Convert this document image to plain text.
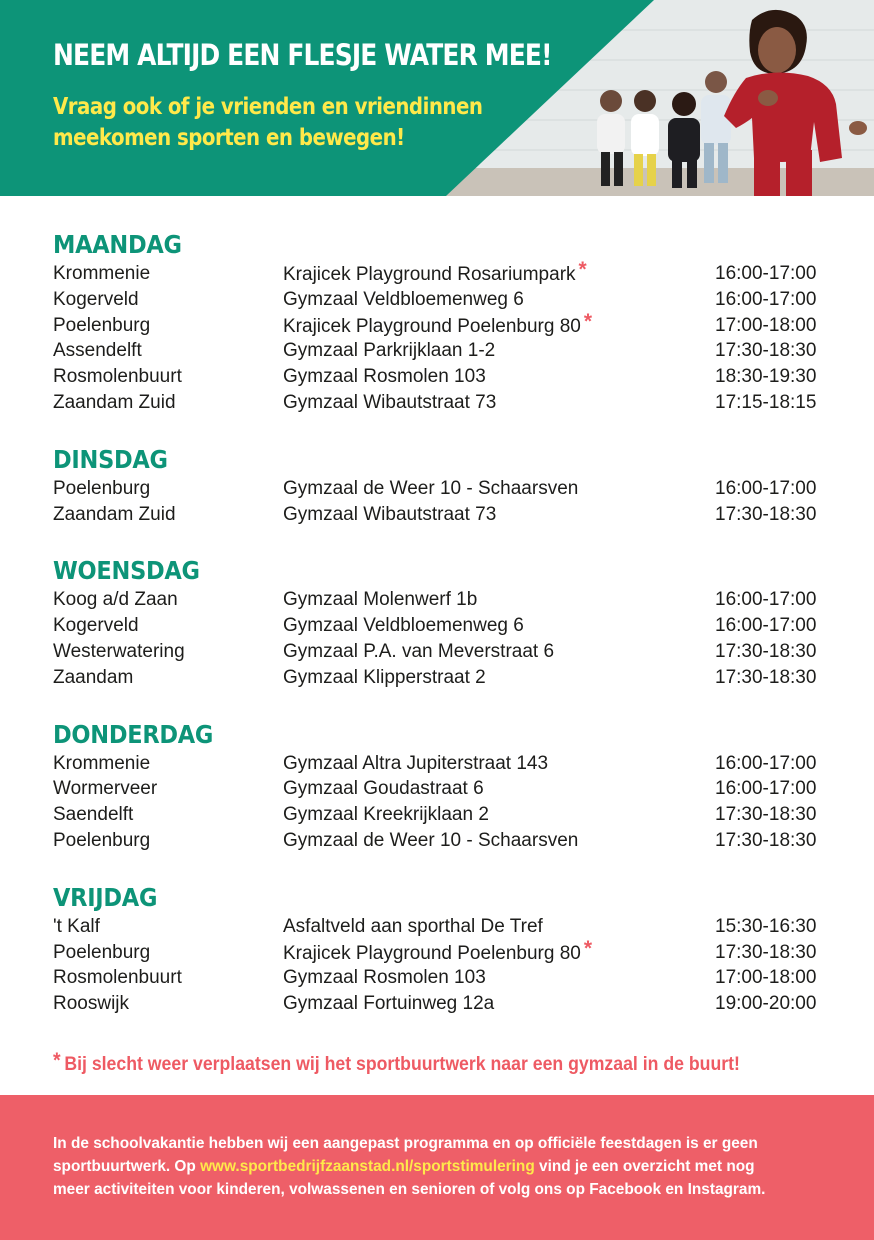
NEEM ALTIJD EEN FLESJE WATER MEE!

Vraag ook of je vrienden en vriendinnen
meekomen sporten en bewegen!

MAANDAG
Krommenie	Krajicek Playground Rosariumpark *	16:00-17:00
Kogerveld	Gymzaal Veldbloemenweg 6	16:00-17:00
Poelenburg	Krajicek Playground Poelenburg 80 *	17:00-18:00
Assendelft	Gymzaal Parkrijklaan 1-2	17:30-18:30
Rosmolenbuurt	Gymzaal Rosmolen 103	18:30-19:30
Zaandam Zuid	Gymzaal Wibautstraat 73	17:15-18:15
DINSDAG
Poelenburg	Gymzaal de Weer 10 - Schaarsven	16:00-17:00
Zaandam Zuid	Gymzaal Wibautstraat 73	17:30-18:30
WOENSDAG
Koog a/d Zaan	Gymzaal Molenwerf 1b	16:00-17:00
Kogerveld	Gymzaal Veldbloemenweg 6	16:00-17:00
Westerwatering	Gymzaal P.A. van Meverstraat 6	17:30-18:30
Zaandam	Gymzaal Klipperstraat 2	17:30-18:30
DONDERDAG
Krommenie	Gymzaal Altra Jupiterstraat 143	16:00-17:00
Wormerveer	Gymzaal Goudastraat 6	16:00-17:00
Saendelft	Gymzaal Kreekrijklaan 2	17:30-18:30
Poelenburg	Gymzaal de Weer 10 - Schaarsven	17:30-18:30
VRIJDAG
't Kalf	Asfaltveld aan sporthal De Tref	15:30-16:30
Poelenburg	Krajicek Playground Poelenburg 80 *	17:30-18:30
Rosmolenbuurt	Gymzaal Rosmolen 103	17:00-18:00
Rooswijk	Gymzaal Fortuinweg 12a	19:00-20:00

* Bij slecht weer verplaatsen wij het sportbuurtwerk naar een gymzaal in de buurt!

In de schoolvakantie hebben wij een aangepast programma en op officiële feestdagen is er geen
sportbuurtwerk. Op www.sportbedrijfzaanstad.nl/sportstimulering vind je een overzicht met nog
meer activiteiten voor kinderen, volwassenen en senioren of volg ons op Facebook en Instagram.
